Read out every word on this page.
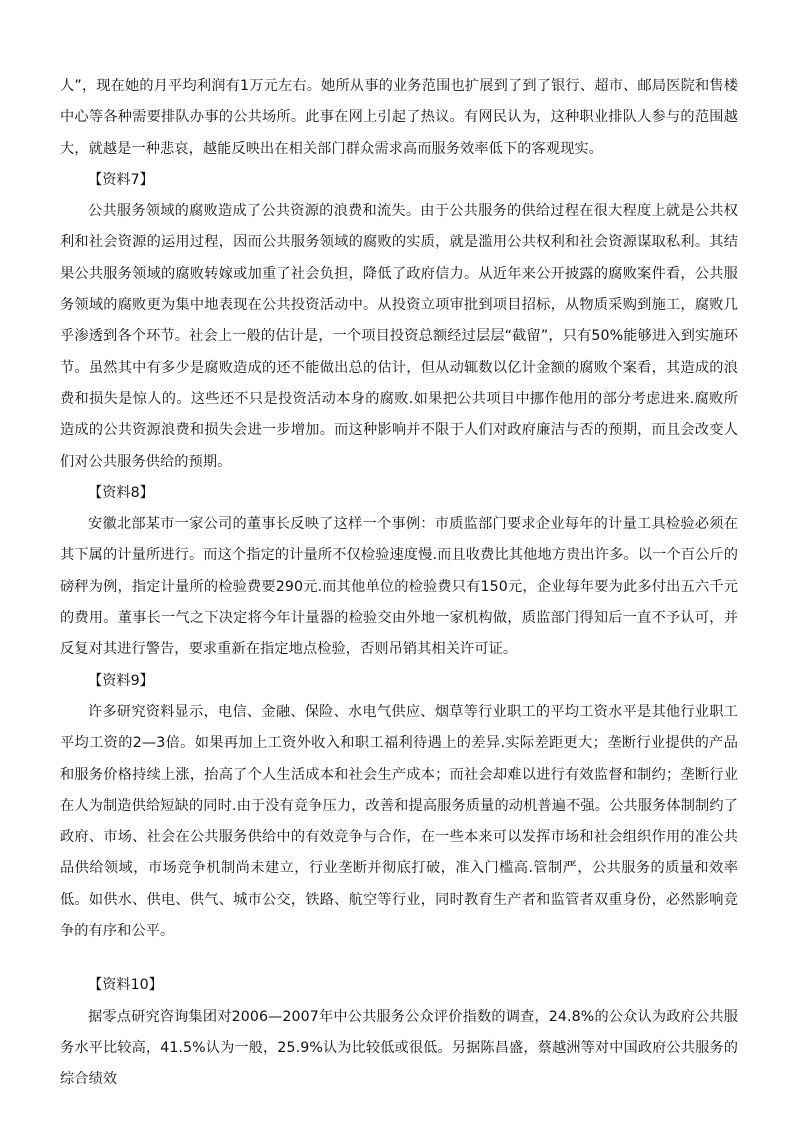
人”，现在她的月平均利润有1万元左右。她所从事的业务范围也扩展到了到了银行、超市、邮局医院和售楼中心等各种需要排队办事的公共场所。此事在网上引起了热议。有网民认为，这种职业排队人参与的范围越大，就越是一种悲哀，越能反映出在相关部门群众需求高而服务效率低下的客观现实。

【资料7】

公共服务领域的腐败造成了公共资源的浪费和流失。由于公共服务的供给过程在很大程度上就是公共权利和社会资源的运用过程，因而公共服务领域的腐败的实质，就是滥用公共权利和社会资源谋取私利。其结果公共服务领域的腐败转嫁或加重了社会负担，降低了政府信力。从近年来公开披露的腐败案件看，公共服务领域的腐败更为集中地表现在公共投资活动中。从投资立项审批到项目招标，从物质采购到施工，腐败几乎渗透到各个环节。社会上一般的估计是，一个项目投资总额经过层层“截留”，只有50%能够进入到实施环节。虽然其中有多少是腐败造成的还不能做出总的估计，但从动辄数以亿计金额的腐败个案看，其造成的浪费和损失是惊人的。这些还不只是投资活动本身的腐败.如果把公共项目中挪作他用的部分考虑进来.腐败所造成的公共资源浪费和损失会进一步增加。而这种影响并不限于人们对政府廉洁与否的预期，而且会改变人们对公共服务供给的预期。

【资料8】

安徽北部某市一家公司的董事长反映了这样一个事例：市质监部门要求企业每年的计量工具检验必须在其下属的计量所进行。而这个指定的计量所不仅检验速度慢.而且收费比其他地方贵出许多。以一个百公斤的磅秤为例，指定计量所的检验费要290元.而其他单位的检验费只有150元，企业每年要为此多付出五六千元的费用。董事长一气之下决定将今年计量器的检验交由外地一家机构做，质监部门得知后一直不予认可，并反复对其进行警告，要求重新在指定地点检验，否则吊销其相关许可证。

【资料9】

许多研究资料显示，电信、金融、保险、水电气供应、烟草等行业职工的平均工资水平是其他行业职工平均工资的2—3倍。如果再加上工资外收入和职工福利待遇上的差异.实际差距更大；垄断行业提供的产品和服务价格持续上涨，抬高了个人生活成本和社会生产成本；而社会却难以进行有效监督和制约；垄断行业在人为制造供给短缺的同时.由于没有竞争压力，改善和提高服务质量的动机普遍不强。公共服务体制制约了政府、市场、社会在公共服务供给中的有效竞争与合作，在一些本来可以发挥市场和社会组织作用的准公共品供给领域，市场竞争机制尚未建立，行业垄断并彻底打破，准入门槛高.管制严，公共服务的质量和效率低。如供水、供电、供气、城市公交，铁路、航空等行业，同时教育生产者和监管者双重身份，必然影响竞争的有序和公平。

【资料10】

据零点研究咨询集团对2006—2007年中公共服务公众评价指数的调查，24.8%的公众认为政府公共服务水平比较高，41.5%认为一般，25.9%认为比较低或很低。另据陈昌盛，蔡越洲等对中国政府公共服务的综合绩效
